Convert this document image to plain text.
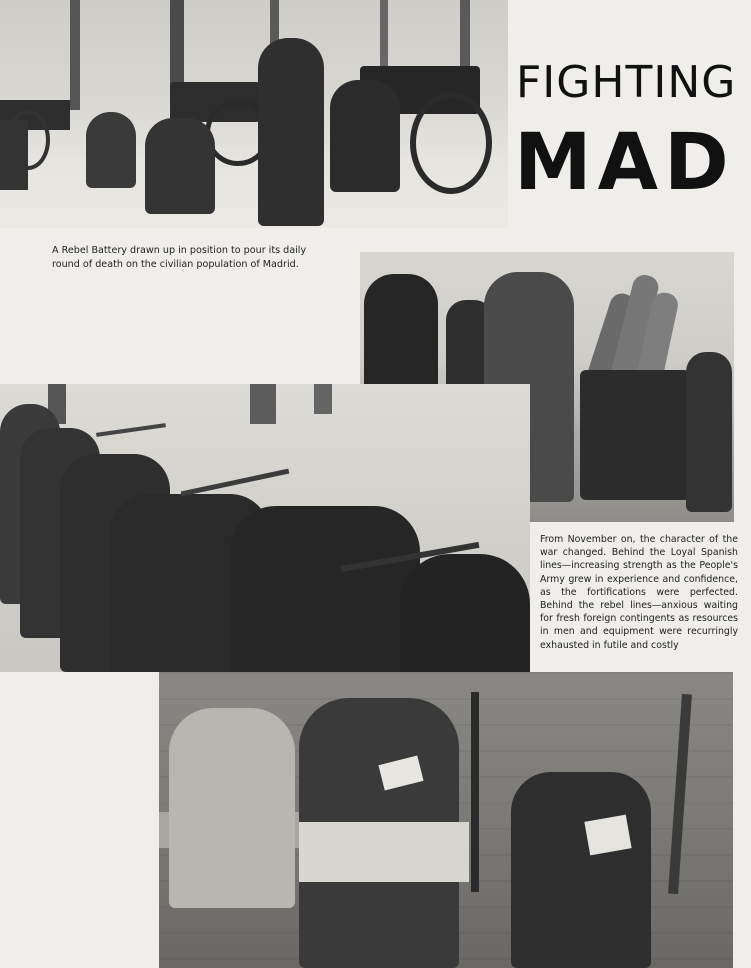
FIGHTING
MAD
A Rebel Battery drawn up in position to pour its daily round of death on the civilian population of Madrid.
From November on, the character of the war changed. Behind the Loyal Spanish lines—increasing strength as the People's Army grew in experience and confidence, as the fortifications were perfected. Behind the rebel lines—anxious waiting for fresh foreign contingents as resources in men and equipment were recurringly exhausted in futile and costly
